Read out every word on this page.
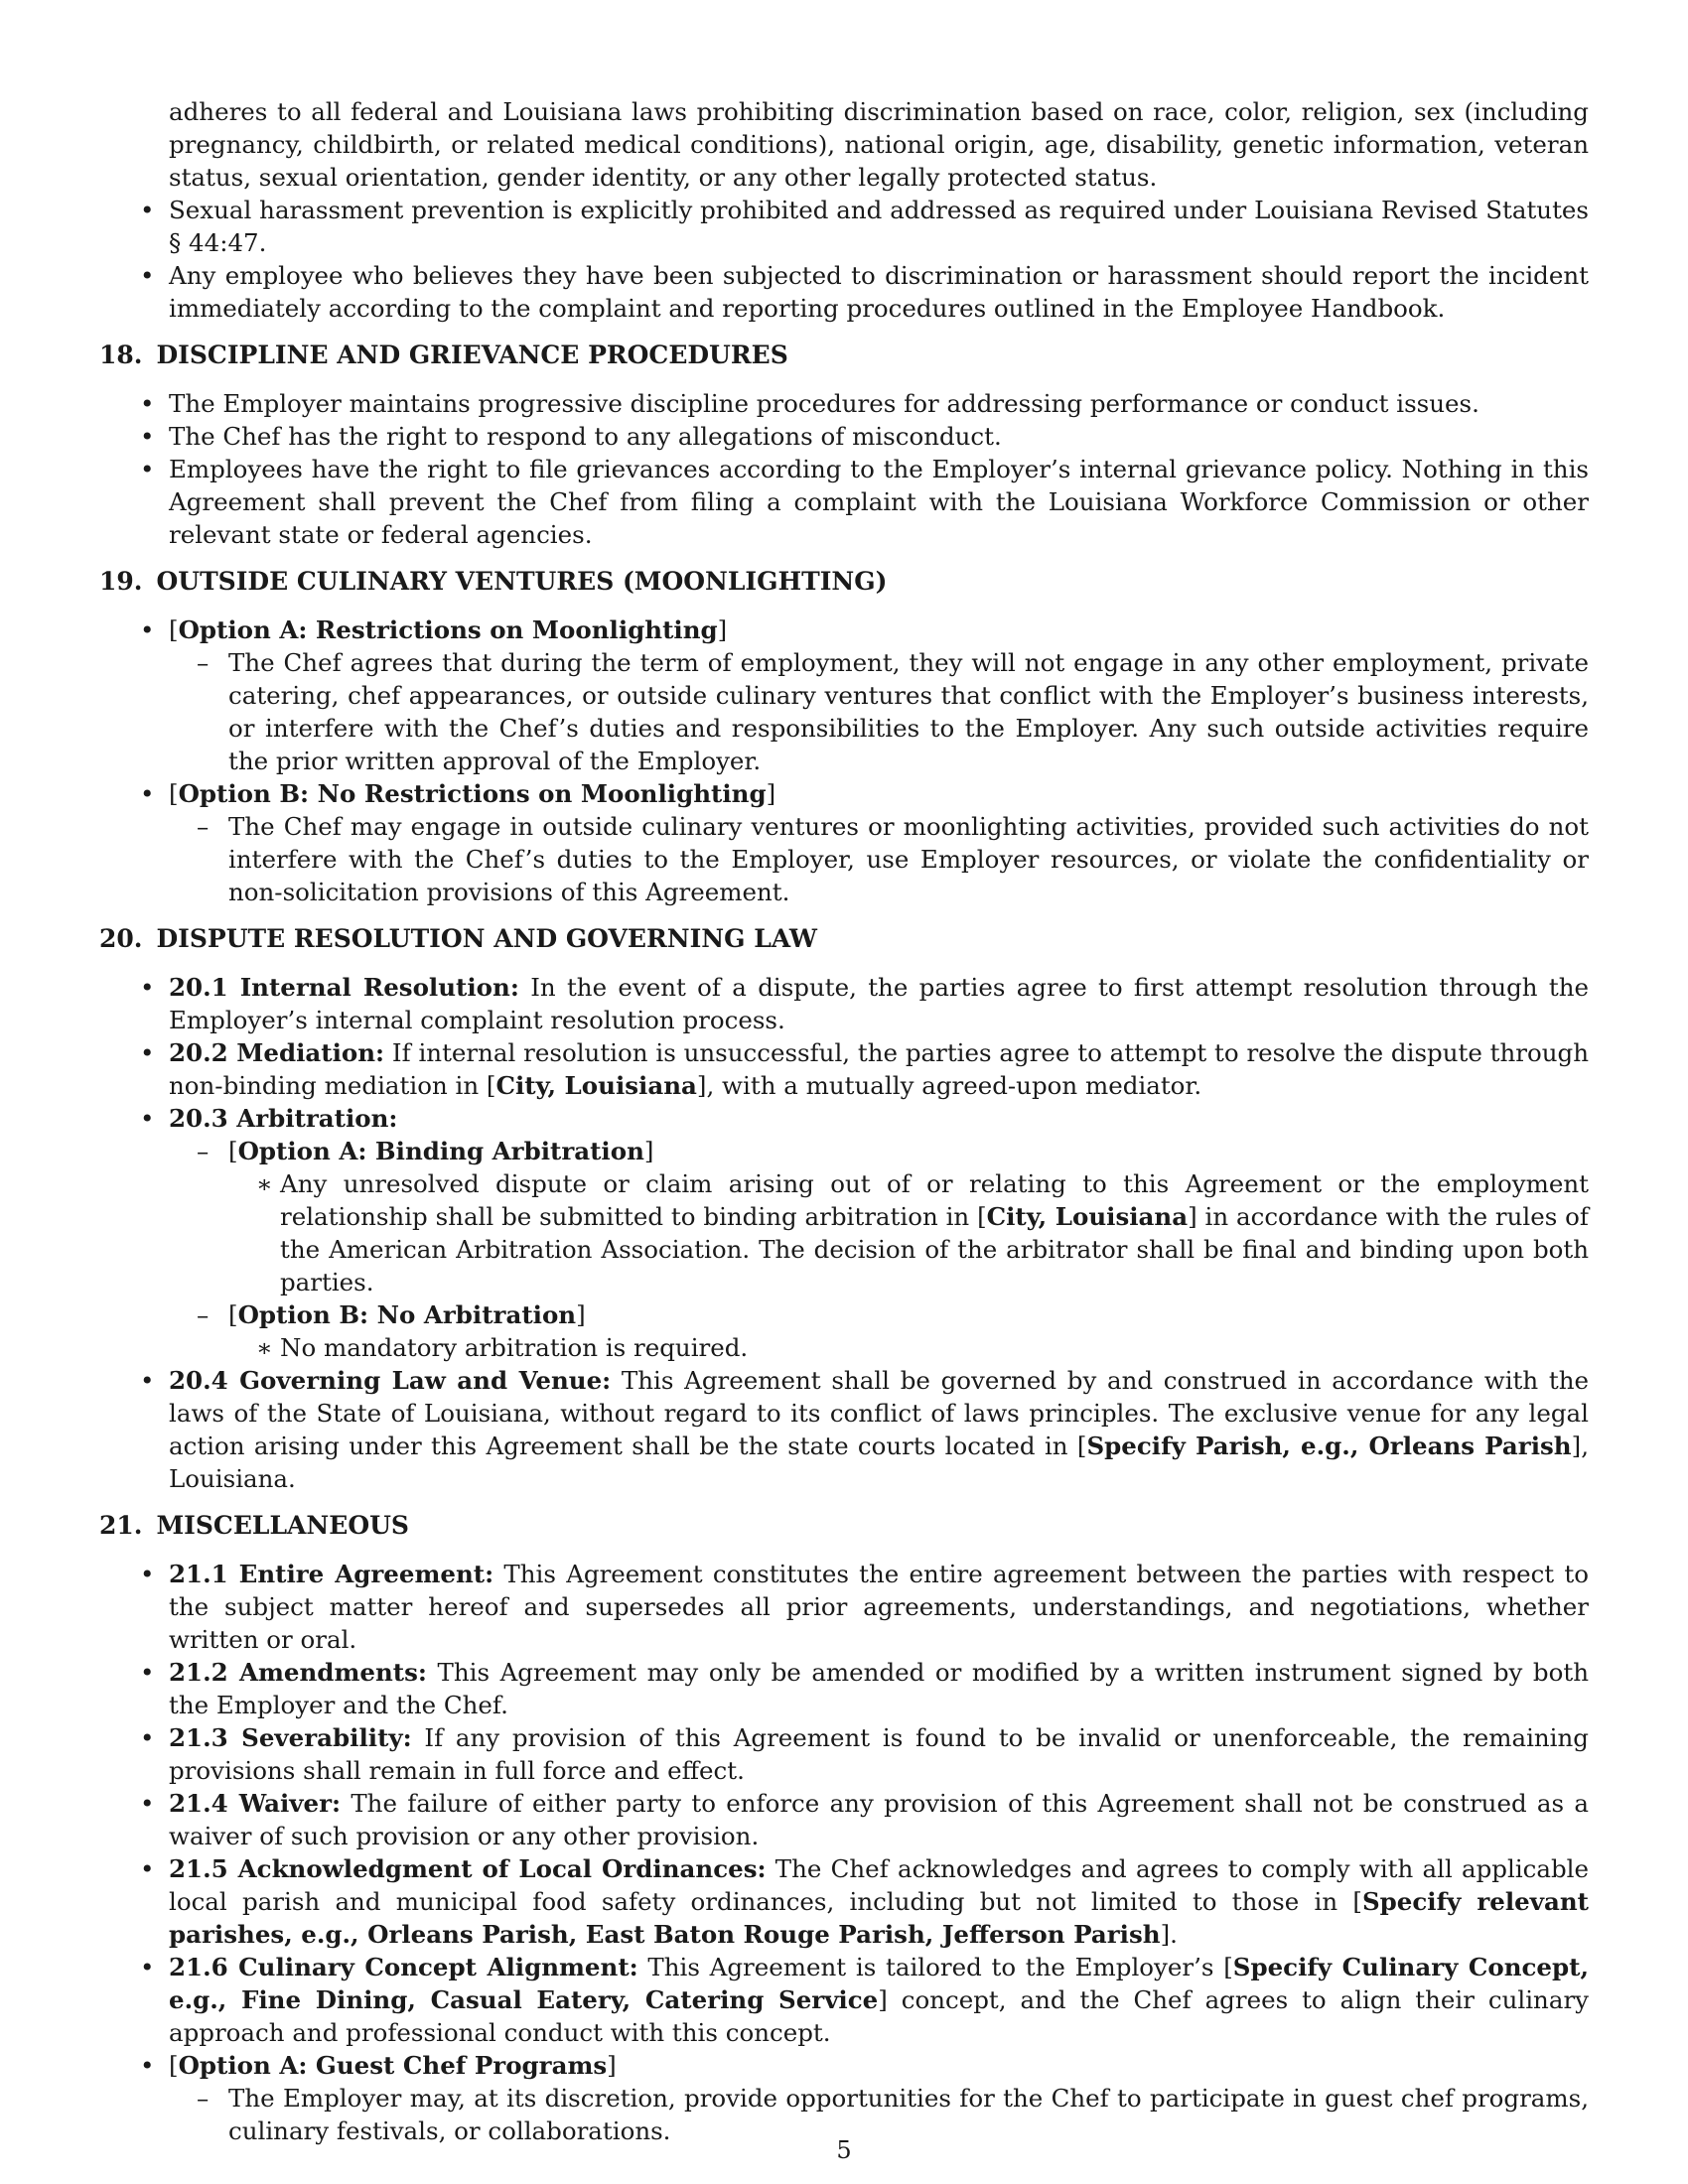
adheres to all federal and Louisiana laws prohibiting discrimination based on race, color, religion, sex (including pregnancy, childbirth, or related medical conditions), national origin, age, disability, genetic information, veteran status, sexual orientation, gender identity, or any other legally protected status.
• Sexual harassment prevention is explicitly prohibited and addressed as required under Louisiana Revised Statutes § 44:47.
• Any employee who believes they have been subjected to discrimination or harassment should report the incident immediately according to the complaint and reporting procedures outlined in the Employee Handbook.
18. DISCIPLINE AND GRIEVANCE PROCEDURES
• The Employer maintains progressive discipline procedures for addressing performance or conduct issues.
• The Chef has the right to respond to any allegations of misconduct.
• Employees have the right to file grievances according to the Employer’s internal grievance policy. Nothing in this Agreement shall prevent the Chef from filing a complaint with the Louisiana Workforce Commission or other relevant state or federal agencies.
19. OUTSIDE CULINARY VENTURES (MOONLIGHTING)
• [Option A: Restrictions on Moonlighting]
– The Chef agrees that during the term of employment, they will not engage in any other employment, private catering, chef appearances, or outside culinary ventures that conflict with the Employer’s business interests, or interfere with the Chef’s duties and responsibilities to the Employer. Any such outside activities require the prior written approval of the Employer.
• [Option B: No Restrictions on Moonlighting]
– The Chef may engage in outside culinary ventures or moonlighting activities, provided such activities do not interfere with the Chef’s duties to the Employer, use Employer resources, or violate the confidentiality or non-solicitation provisions of this Agreement.
20. DISPUTE RESOLUTION AND GOVERNING LAW
• 20.1 Internal Resolution: In the event of a dispute, the parties agree to first attempt resolution through the Employer’s internal complaint resolution process.
• 20.2 Mediation: If internal resolution is unsuccessful, the parties agree to attempt to resolve the dispute through non-binding mediation in [City, Louisiana], with a mutually agreed-upon mediator.
• 20.3 Arbitration:
– [Option A: Binding Arbitration]
∗ Any unresolved dispute or claim arising out of or relating to this Agreement or the employment relationship shall be submitted to binding arbitration in [City, Louisiana] in accordance with the rules of the American Arbitration Association. The decision of the arbitrator shall be final and binding upon both parties.
– [Option B: No Arbitration]
∗ No mandatory arbitration is required.
• 20.4 Governing Law and Venue: This Agreement shall be governed by and construed in accordance with the laws of the State of Louisiana, without regard to its conflict of laws principles. The exclusive venue for any legal action arising under this Agreement shall be the state courts located in [Specify Parish, e.g., Orleans Parish], Louisiana.
21. MISCELLANEOUS
• 21.1 Entire Agreement: This Agreement constitutes the entire agreement between the parties with respect to the subject matter hereof and supersedes all prior agreements, understandings, and negotiations, whether written or oral.
• 21.2 Amendments: This Agreement may only be amended or modified by a written instrument signed by both the Employer and the Chef.
• 21.3 Severability: If any provision of this Agreement is found to be invalid or unenforceable, the remaining provisions shall remain in full force and effect.
• 21.4 Waiver: The failure of either party to enforce any provision of this Agreement shall not be construed as a waiver of such provision or any other provision.
• 21.5 Acknowledgment of Local Ordinances: The Chef acknowledges and agrees to comply with all applicable local parish and municipal food safety ordinances, including but not limited to those in [Specify relevant parishes, e.g., Orleans Parish, East Baton Rouge Parish, Jefferson Parish].
• 21.6 Culinary Concept Alignment: This Agreement is tailored to the Employer’s [Specify Culinary Concept, e.g., Fine Dining, Casual Eatery, Catering Service] concept, and the Chef agrees to align their culinary approach and professional conduct with this concept.
• [Option A: Guest Chef Programs]
– The Employer may, at its discretion, provide opportunities for the Chef to participate in guest chef programs, culinary festivals, or collaborations.
5
